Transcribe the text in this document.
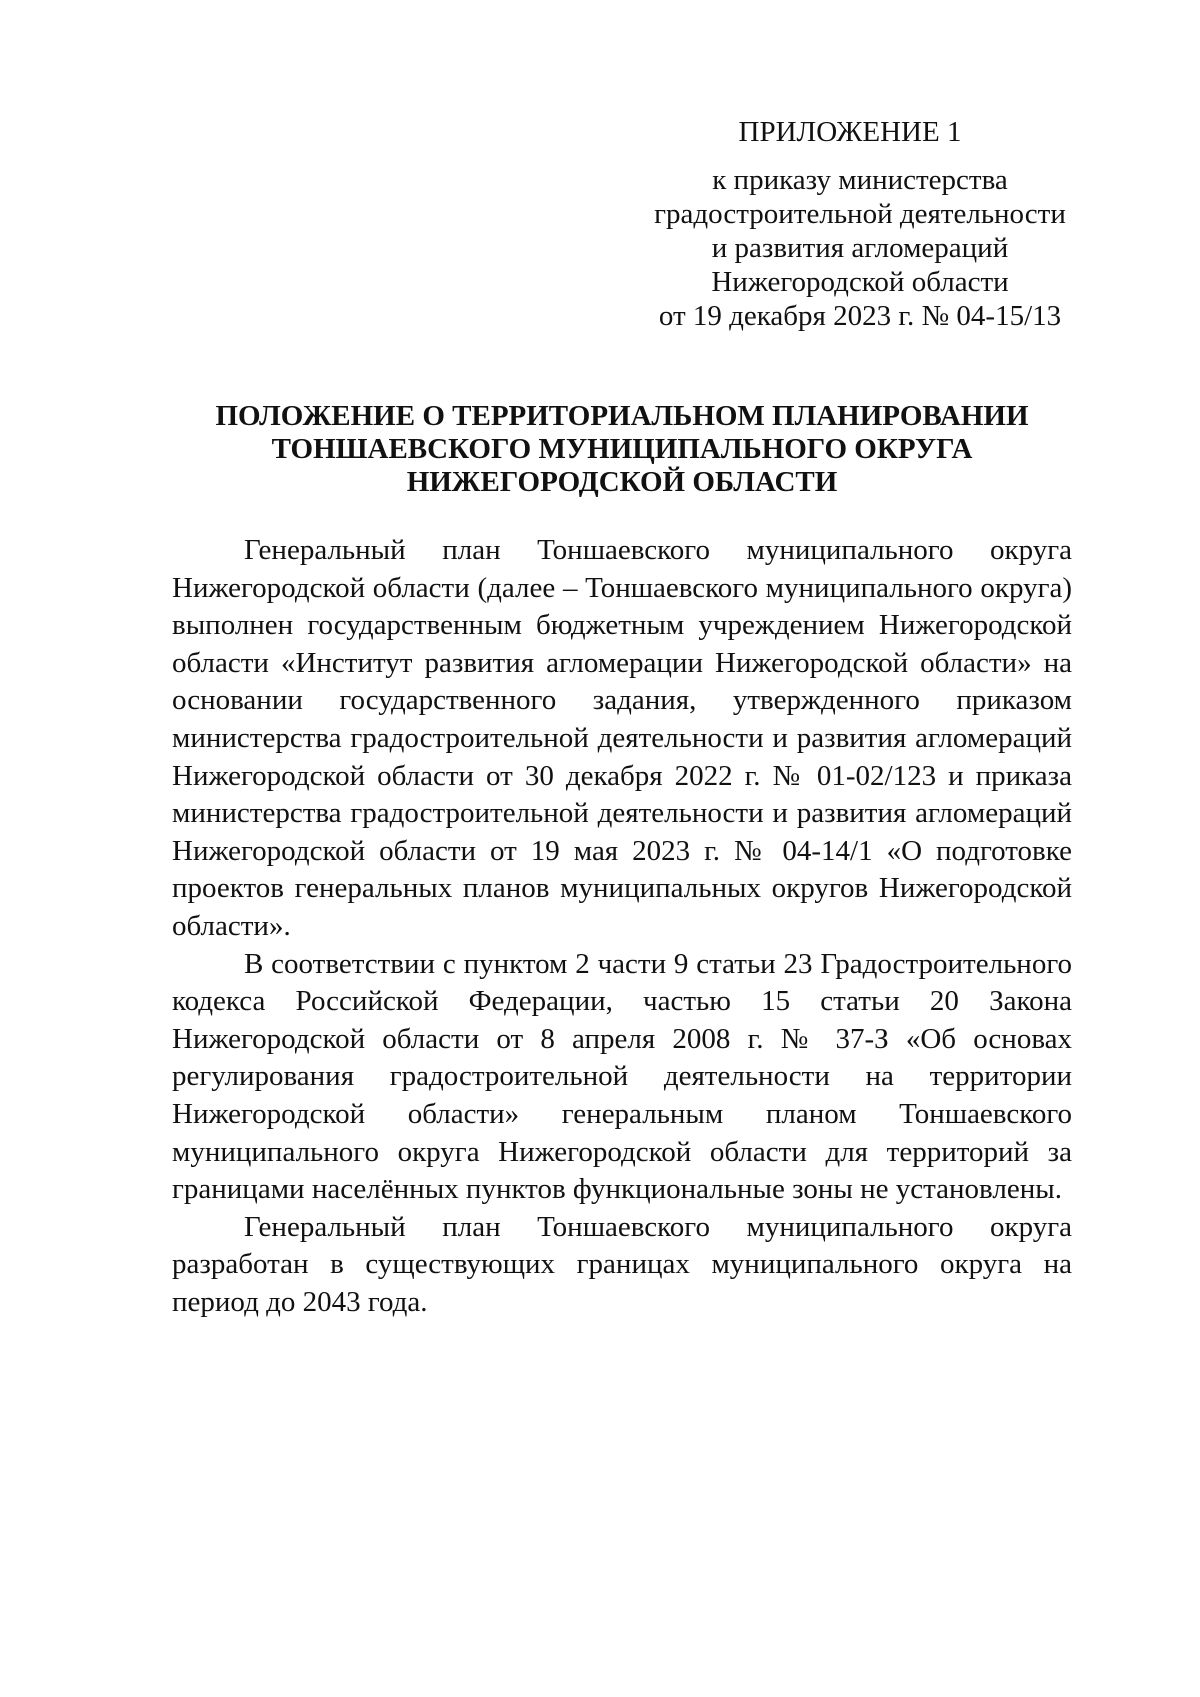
ПРИЛОЖЕНИЕ 1
к приказу министерства
градостроительной деятельности
и развития агломераций
Нижегородской области
от 19 декабря 2023 г. № 04-15/13
ПОЛОЖЕНИЕ О ТЕРРИТОРИАЛЬНОМ ПЛАНИРОВАНИИ
ТОНШАЕВСКОГО МУНИЦИПАЛЬНОГО ОКРУГА
НИЖЕГОРОДСКОЙ ОБЛАСТИ

Генеральный план Тоншаевского муниципального округа Нижегородской области (далее – Тоншаевского муниципального округа) выполнен государственным бюджетным учреждением Нижегородской области «Институт развития агломерации Нижегородской области» на основании государственного задания, утвержденного приказом министерства градостроительной деятельности и развития агломераций Нижегородской области от 30 декабря 2022 г. № 01-02/123 и приказа министерства градостроительной деятельности и развития агломераций Нижегородской области от 19 мая 2023 г. № 04-14/1 «О подготовке проектов генеральных планов муниципальных округов Нижегородской области».

В соответствии с пунктом 2 части 9 статьи 23 Градостроительного кодекса Российской Федерации, частью 15 статьи 20 Закона Нижегородской области от 8 апреля 2008 г. № 37-З «Об основах регулирования градостроительной деятельности на территории Нижегородской области» генеральным планом Тоншаевского муниципального округа Нижегородской области для территорий за границами населённых пунктов функциональные зоны не установлены.

Генеральный план Тоншаевского муниципального округа разработан в существующих границах муниципального округа на период до 2043 года.
